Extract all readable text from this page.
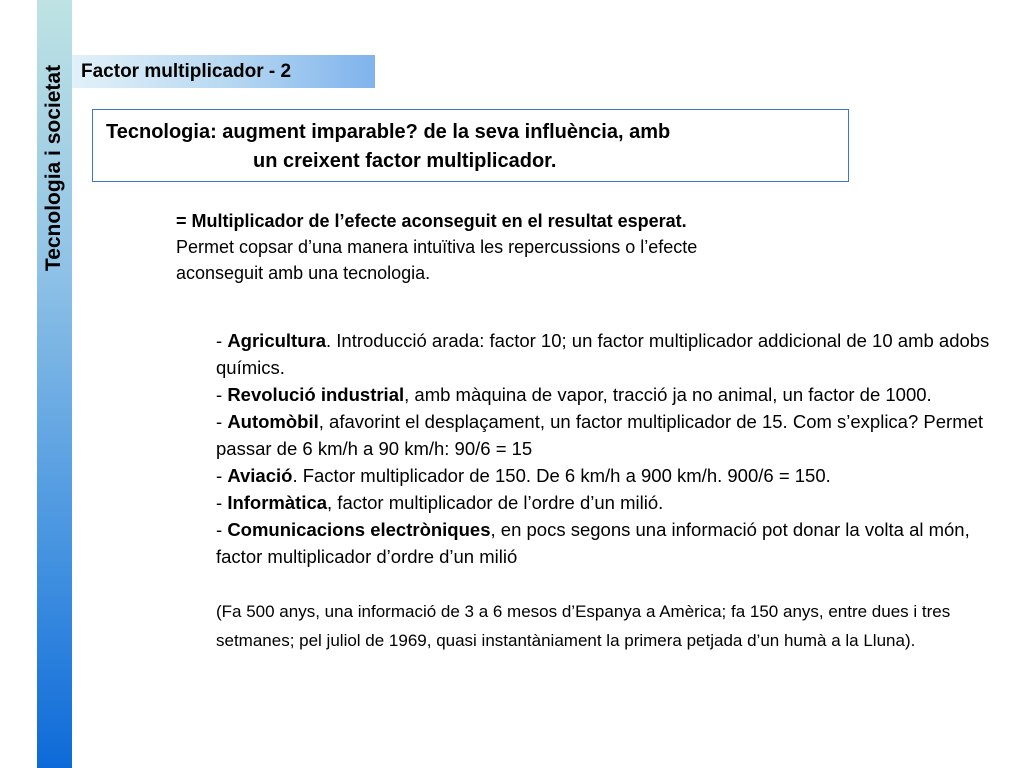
Tecnologia i societat Factor multiplicador - 2
Tecnologia: augment imparable? de la seva influència, amb
un creixent factor multiplicador.
= Multiplicador de l’efecte aconseguit en el resultat esperat.
Permet copsar d’una manera intuïtiva les repercussions o l’efecte
aconseguit amb una tecnologia.
- Agricultura. Introducció arada: factor 10; un factor multiplicador addicional de 10 amb adobs químics.
- Revolució industrial, amb màquina de vapor, tracció ja no animal, un factor de 1000.
- Automòbil, afavorint el desplaçament, un factor multiplicador de 15. Com s’explica? Permet passar de 6 km/h a 90 km/h: 90/6 = 15
- Aviació. Factor multiplicador de 150. De 6 km/h a 900 km/h. 900/6 = 150.
- Informàtica, factor multiplicador de l’ordre d’un milió.
- Comunicacions electròniques, en pocs segons una informació pot donar la volta al món, factor multiplicador d’ordre d’un milió
(Fa 500 anys, una informació de 3 a 6 mesos d’Espanya a Amèrica; fa 150 anys, entre dues i tres setmanes; pel juliol de 1969, quasi instantàniament la primera petjada d’un humà a la Lluna).
